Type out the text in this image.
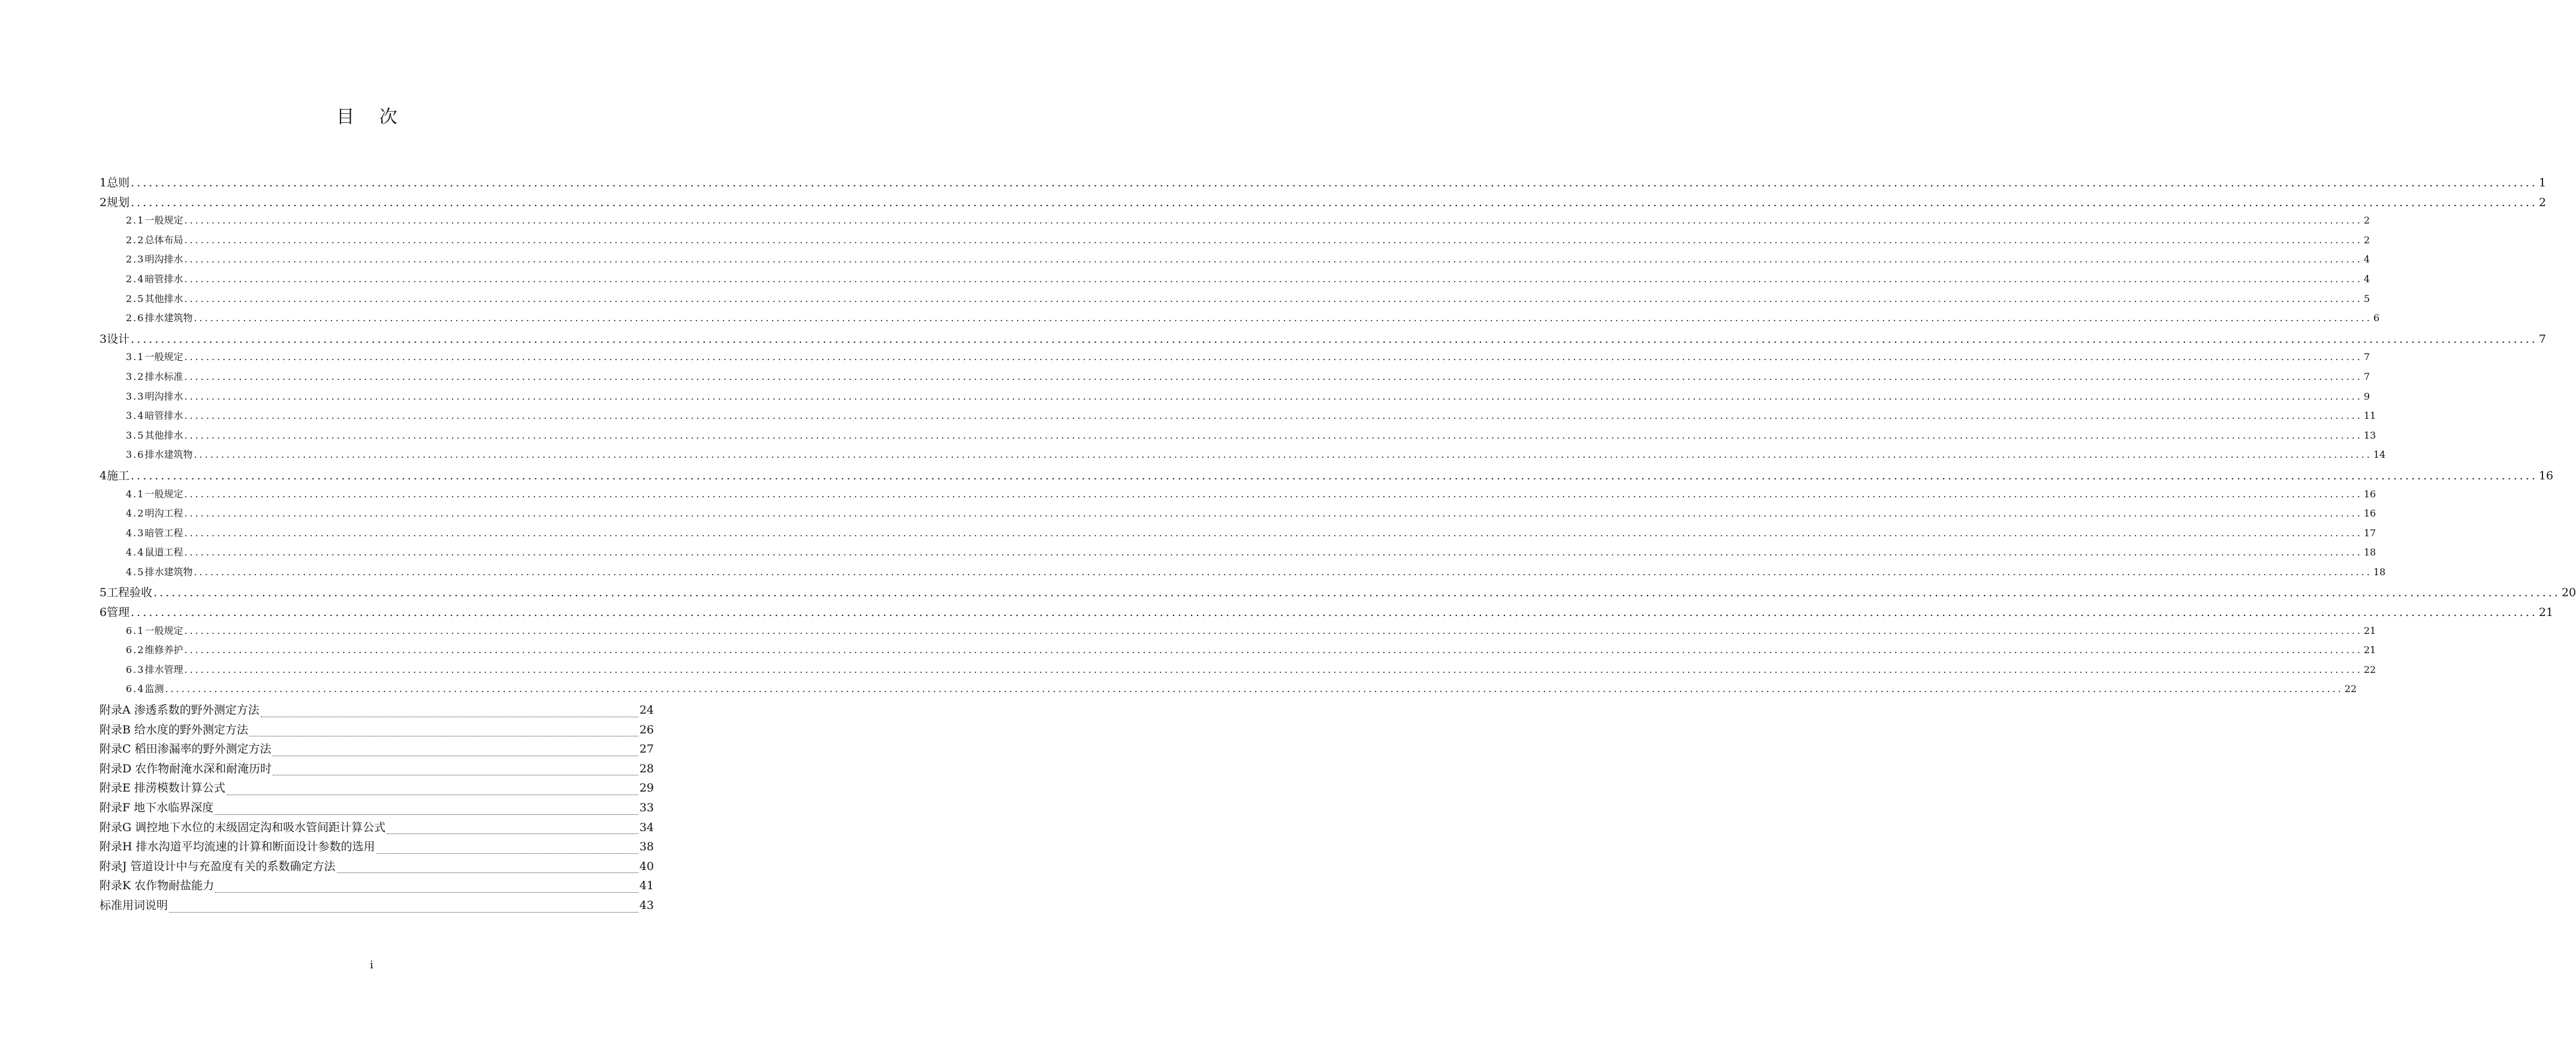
目 次
1 总则 ................................................................................................................................................................................................................................................................................................................................................................................................................ 1
2 规划 ................................................................................................................................................................................................................................................................................................................................................................................................................ 2
2.1 一般规定 ................................................................................................................................................................................................................................................................................................................................................................................................................ 2
2.2 总体布局 ................................................................................................................................................................................................................................................................................................................................................................................................................ 2
2.3 明沟排水 ................................................................................................................................................................................................................................................................................................................................................................................................................ 4
2.4 暗管排水 ................................................................................................................................................................................................................................................................................................................................................................................................................ 4
2.5 其他排水 ................................................................................................................................................................................................................................................................................................................................................................................................................ 5
2.6 排水建筑物 ................................................................................................................................................................................................................................................................................................................................................................................................................ 6
3 设计 ................................................................................................................................................................................................................................................................................................................................................................................................................ 7
3.1 一般规定 ................................................................................................................................................................................................................................................................................................................................................................................................................ 7
3.2 排水标准 ................................................................................................................................................................................................................................................................................................................................................................................................................ 7
3.3 明沟排水 ................................................................................................................................................................................................................................................................................................................................................................................................................ 9
3.4 暗管排水 ................................................................................................................................................................................................................................................................................................................................................................................................................ 11
3.5 其他排水 ................................................................................................................................................................................................................................................................................................................................................................................................................ 13
3.6 排水建筑物 ................................................................................................................................................................................................................................................................................................................................................................................................................ 14
4 施工 ................................................................................................................................................................................................................................................................................................................................................................................................................ 16
4.1 一般规定 ................................................................................................................................................................................................................................................................................................................................................................................................................ 16
4.2 明沟工程 ................................................................................................................................................................................................................................................................................................................................................................................................................ 16
4.3 暗管工程 ................................................................................................................................................................................................................................................................................................................................................................................................................ 17
4.4 鼠道工程 ................................................................................................................................................................................................................................................................................................................................................................................................................ 18
4.5 排水建筑物 ................................................................................................................................................................................................................................................................................................................................................................................................................ 18
5 工程验收 ................................................................................................................................................................................................................................................................................................................................................................................................................ 20
6 管理 ................................................................................................................................................................................................................................................................................................................................................................................................................ 21
6.1 一般规定 ................................................................................................................................................................................................................................................................................................................................................................................................................ 21
6.2 维修养护 ................................................................................................................................................................................................................................................................................................................................................................................................................ 21
6.3 排水管理 ................................................................................................................................................................................................................................................................................................................................................................................................................ 22
6.4 监测 ................................................................................................................................................................................................................................................................................................................................................................................................................ 22
附录A 渗透系数的野外测定方法	24
附录B 给水度的野外测定方法	26
附录C 稻田渗漏率的野外测定方法	27
附录D 农作物耐淹水深和耐淹历时	28
附录E 排涝模数计算公式	29
附录F 地下水临界深度	33
附录G 调控地下水位的末级固定沟和吸水管间距计算公式	34
附录H 排水沟道平均流速的计算和断面设计参数的选用	38
附录J 管道设计中与充盈度有关的系数确定方法	40
附录K 农作物耐盐能力	41
标准用词说明	43
i
